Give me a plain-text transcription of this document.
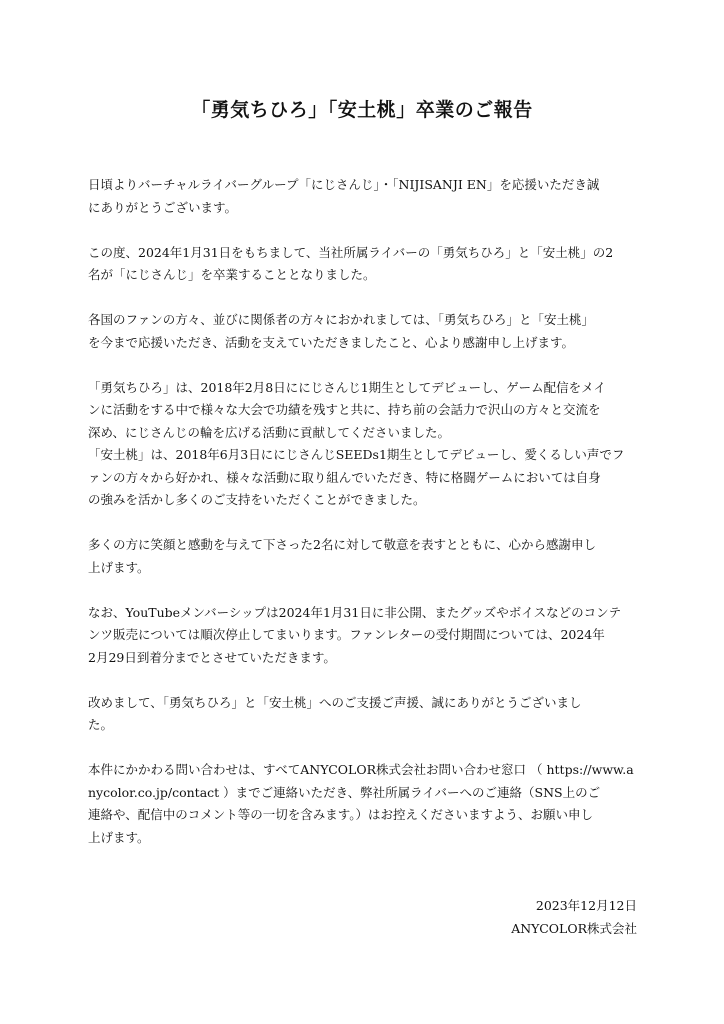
「勇気ちひろ」「安土桃」卒業のご報告

日頃よりバーチャルライバーグループ「にじさんじ」・「NIJISANJI EN」を応援いただき誠
にありがとうございます。

この度、2024年1月31日をもちまして、当社所属ライバーの「勇気ちひろ」と「安土桃」の2
名が「にじさんじ」を卒業することとなりました。

各国のファンの方々、並びに関係者の方々におかれましては、「勇気ちひろ」と「安土桃」
を今まで応援いただき、活動を支えていただきましたこと、心より感謝申し上げます。

「勇気ちひろ」は、2018年2月8日ににじさんじ1期生としてデビューし、ゲーム配信をメイ
ンに活動をする中で様々な大会で功績を残すと共に、持ち前の会話力で沢山の方々と交流を
深め、にじさんじの輪を広げる活動に貢献してくださいました。

「安土桃」は、2018年6月3日ににじさんじSEEDs1期生としてデビューし、愛くるしい声でフ
ァンの方々から好かれ、様々な活動に取り組んでいただき、特に格闘ゲームにおいては自身
の強みを活かし多くのご支持をいただくことができました。

多くの方に笑顔と感動を与えて下さった2名に対して敬意を表すとともに、心から感謝申し
上げます。

なお、YouTubeメンバーシップは2024年1月31日に非公開、またグッズやボイスなどのコンテ
ンツ販売については順次停止してまいります。ファンレターの受付期間については、2024年
2月29日到着分までとさせていただきます。

改めまして、「勇気ちひろ」と「安土桃」へのご支援ご声援、誠にありがとうございまし
た。

本件にかかわる問い合わせは、すべてANYCOLOR株式会社お問い合わせ窓口 （ https://www.a
nycolor.co.jp/contact ）までご連絡いただき、弊社所属ライバーへのご連絡（SNS上のご
連絡や、配信中のコメント等の一切を含みます。）はお控えくださいますよう、お願い申し
上げます。

2023年12月12日
ANYCOLOR株式会社
